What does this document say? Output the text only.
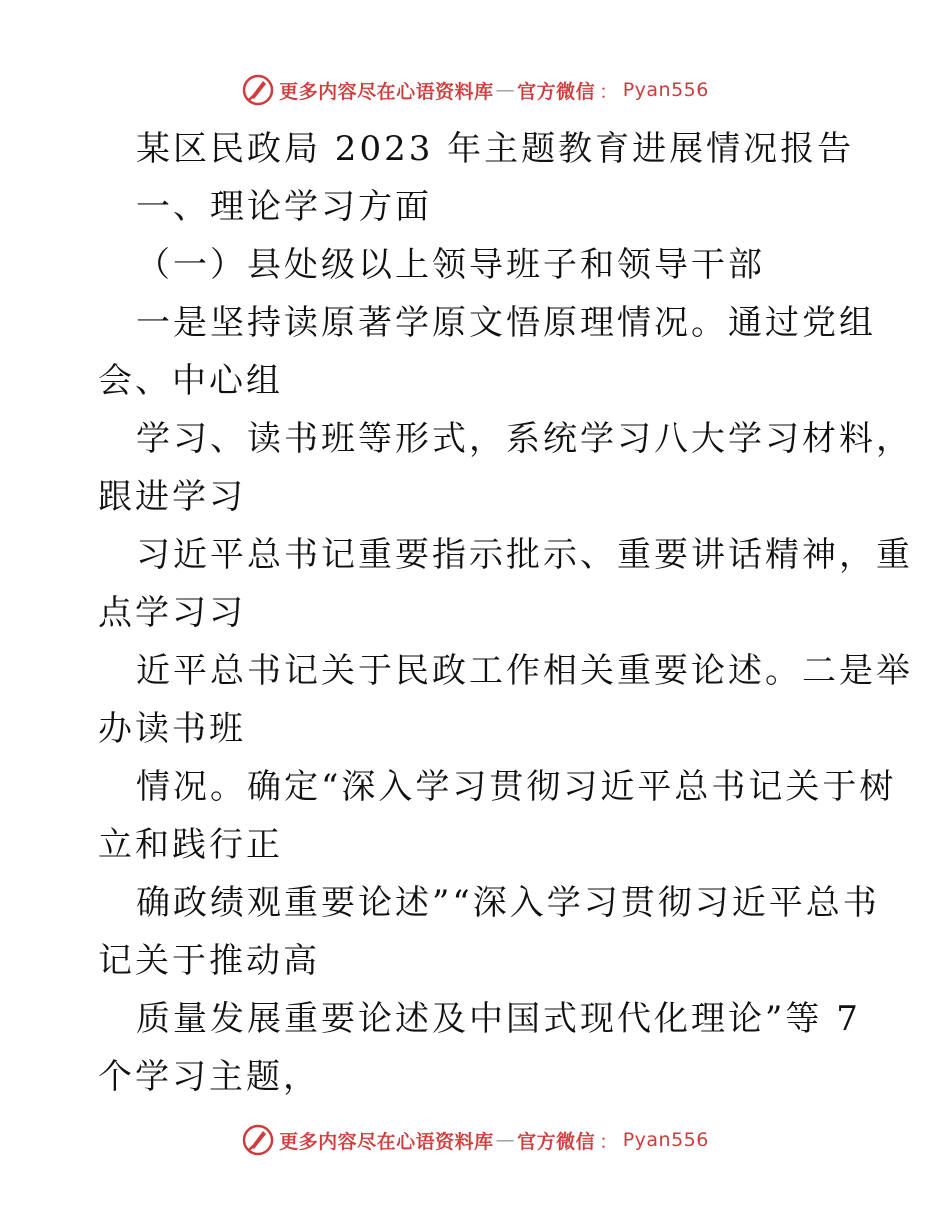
更多内容尽在心语资料库 — 官方微信 ： Pyan556
某区民政局 2023 年主题教育进展情况报告
一、理论学习方面
（一）县处级以上领导班子和领导干部
一是坚持读原著学原文悟原理情况。通过党组
会、中心组
学习、读书班等形式，系统学习八大学习材料，
跟进学习
习近平总书记重要指示批示、重要讲话精神，重
点学习习
近平总书记关于民政工作相关重要论述。二是举
办读书班
情况。确定“深入学习贯彻习近平总书记关于树
立和践行正
确政绩观重要论述”“深入学习贯彻习近平总书
记关于推动高
质量发展重要论述及中国式现代化理论”等 7
个学习主题，
更多内容尽在心语资料库 — 官方微信 ： Pyan556
